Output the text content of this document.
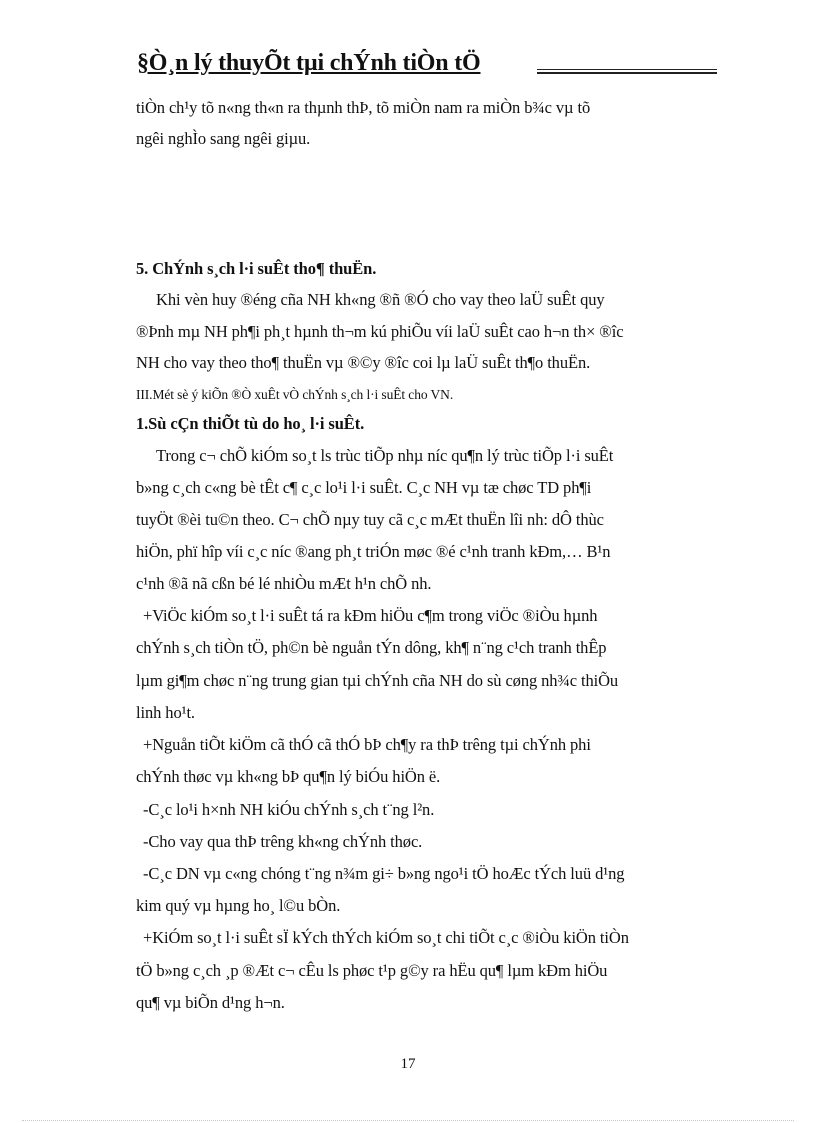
§Ò¸n lý thuyÕt tµi chÝnh tiÒn tÖ
tiÒn ch¹y tõ n«ng th«n ra thµnh thÞ, tõ miÒn nam ra miÒn b¾c vµ tõ
ngêi nghÌo sang ngêi giµu.
5. ChÝnh s¸ch l·i suÊt tho¶ thuËn.
Khi vèn huy ®éng cña NH kh«ng ®ñ ®Ó cho vay theo laÜ suÊt quy
®Þnh mµ NH ph¶i ph¸t hµnh th¬m kú phiÕu víi laÜ suÊt cao h¬n th× ®îc
NH cho vay theo tho¶ thuËn vµ ®©y ®îc coi lµ laÜ suÊt th¶o thuËn.
III.Mét sè ý kiÕn ®Ò xuÊt vÒ chÝnh s¸ch l·i suÊt cho VN.
1.Sù cÇn thiÕt tù do ho¸ l·i suÊt.
Trong c¬ chÕ kiÓm so¸t ls trùc tiÕp nhµ níc qu¶n lý trùc tiÕp l·i suÊt
b»ng c¸ch c«ng bè tÊt c¶ c¸c lo¹i l·i suÊt. C¸c NH vµ tæ chøc TD ph¶i
tuyÖt ®èi tu©n theo. C¬ chÕ nµy tuy cã c¸c mÆt thuËn lîi nh: dÔ thùc
hiÖn, phï hîp víi c¸c níc ®ang ph¸t triÓn møc ®é c¹nh tranh kÐm,… B¹n
c¹nh ®ã nã cßn bé lé nhiÒu mÆt h¹n chÕ nh.
+ViÖc kiÓm so¸t l·i suÊt tá ra kÐm hiÖu c¶m trong viÖc ®iÒu hµnh
chÝnh s¸ch tiÒn tÖ, ph©n bè nguån tÝn dông, kh¶ n¨ng c¹ch tranh thÊp
lµm gi¶m chøc n¨ng trung gian tµi chÝnh cña NH do sù cøng nh¾c thiÕu
linh ho¹t.
+Nguån tiÕt kiÖm cã thÓ cã thÓ bÞ ch¶y ra thÞ trêng tµi chÝnh phi
chÝnh thøc vµ kh«ng bÞ qu¶n lý biÓu hiÖn ë.
-C¸c lo¹i h×nh NH kiÓu chÝnh s¸ch t¨ng l²n.
-Cho vay qua thÞ trêng kh«ng chÝnh thøc.
-C¸c DN vµ c«ng chóng t¨ng n¾m gi÷ b»ng ngo¹i tÖ hoÆc tÝch luü d¹ng
kim quý vµ hµng ho¸ l©u bÒn.
+KiÓm so¸t l·i suÊt sÏ kÝch thÝch kiÓm so¸t chi tiÕt c¸c ®iÒu kiÖn tiÒn
tÖ b»ng c¸ch ¸p ®Æt c¬ cÊu ls phøc t¹p g©y ra hËu qu¶ lµm kÐm hiÖu
qu¶ vµ biÕn d¹ng h¬n.
17
